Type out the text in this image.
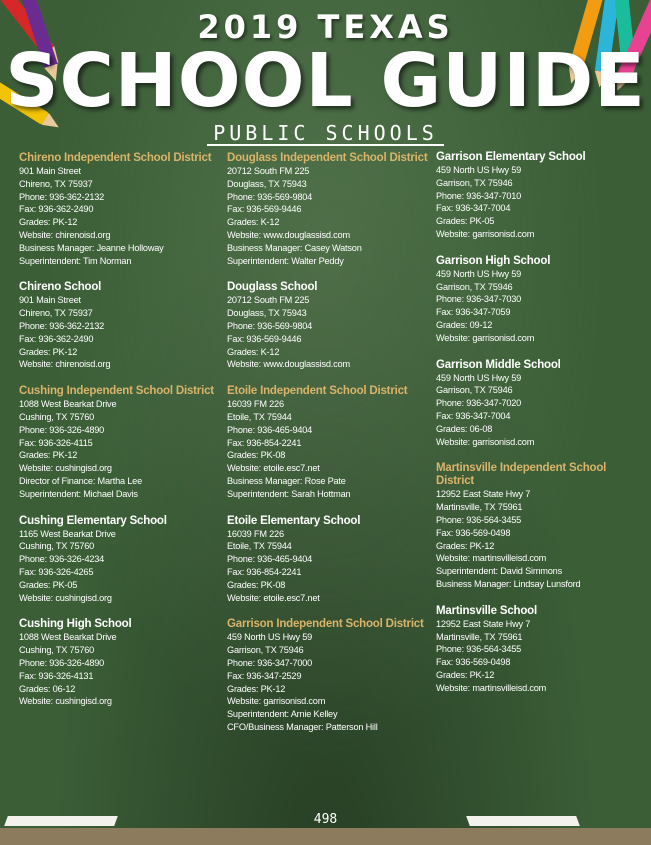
2019 TEXAS
SCHOOL GUIDE
PUBLIC SCHOOLS
Chireno Independent School District
901 Main Street
Chireno, TX 75937
Phone: 936-362-2132
Fax: 936-362-2490
Grades: PK-12
Website: chirenoisd.org
Business Manager: Jeanne Holloway
Superintendent: Tim Norman
Chireno School
901 Main Street
Chireno, TX 75937
Phone: 936-362-2132
Fax: 936-362-2490
Grades: PK-12
Website: chirenoisd.org
Cushing Independent School District
1088 West Bearkat Drive
Cushing, TX 75760
Phone: 936-326-4890
Fax: 936-326-4115
Grades: PK-12
Website: cushingisd.org
Director of Finance: Martha Lee
Superintendent: Michael Davis
Cushing Elementary School
1165 West Bearkat Drive
Cushing, TX 75760
Phone: 936-326-4234
Fax: 936-326-4265
Grades: PK-05
Website: cushingisd.org
Cushing High School
1088 West Bearkat Drive
Cushing, TX 75760
Phone: 936-326-4890
Fax: 936-326-4131
Grades: 06-12
Website: cushingisd.org
Douglass Independent School District
20712 South FM 225
Douglass, TX 75943
Phone: 936-569-9804
Fax: 936-569-9446
Grades: K-12
Website: www.douglassisd.com
Business Manager: Casey Watson
Superintendent: Walter Peddy
Douglass School
20712 South FM 225
Douglass, TX 75943
Phone: 936-569-9804
Fax: 936-569-9446
Grades: K-12
Website: www.douglassisd.com
Etoile Independent School District
16039 FM 226
Etoile, TX 75944
Phone: 936-465-9404
Fax: 936-854-2241
Grades: PK-08
Website: etoile.esc7.net
Business Manager: Rose Pate
Superintendent: Sarah Hottman
Etoile Elementary School
16039 FM 226
Etoile, TX 75944
Phone: 936-465-9404
Fax: 936-854-2241
Grades: PK-08
Website: etoile.esc7.net
Garrison Independent School District
459 North US Hwy 59
Garrison, TX 75946
Phone: 936-347-7000
Fax: 936-347-2529
Grades: PK-12
Website: garrisonisd.com
Superintendent: Arnie Kelley
CFO/Business Manager: Patterson Hill
Garrison Elementary School
459 North US Hwy 59
Garrison, TX 75946
Phone: 936-347-7010
Fax: 936-347-7004
Grades: PK-05
Website: garrisonisd.com
Garrison High School
459 North US Hwy 59
Garrison, TX 75946
Phone: 936-347-7030
Fax: 936-347-7059
Grades: 09-12
Website: garrisonisd.com
Garrison Middle School
459 North US Hwy 59
Garrison, TX 75946
Phone: 936-347-7020
Fax: 936-347-7004
Grades: 06-08
Website: garrisonisd.com
Martinsville Independent School District
12952 East State Hwy 7
Martinsville, TX 75961
Phone: 936-564-3455
Fax: 936-569-0498
Grades: PK-12
Website: martinsvilleisd.com
Superintendent: David Simmons
Business Manager: Lindsay Lunsford
Martinsville School
12952 East State Hwy 7
Martinsville, TX 75961
Phone: 936-564-3455
Fax: 936-569-0498
Grades: PK-12
Website: martinsvilleisd.com
498
